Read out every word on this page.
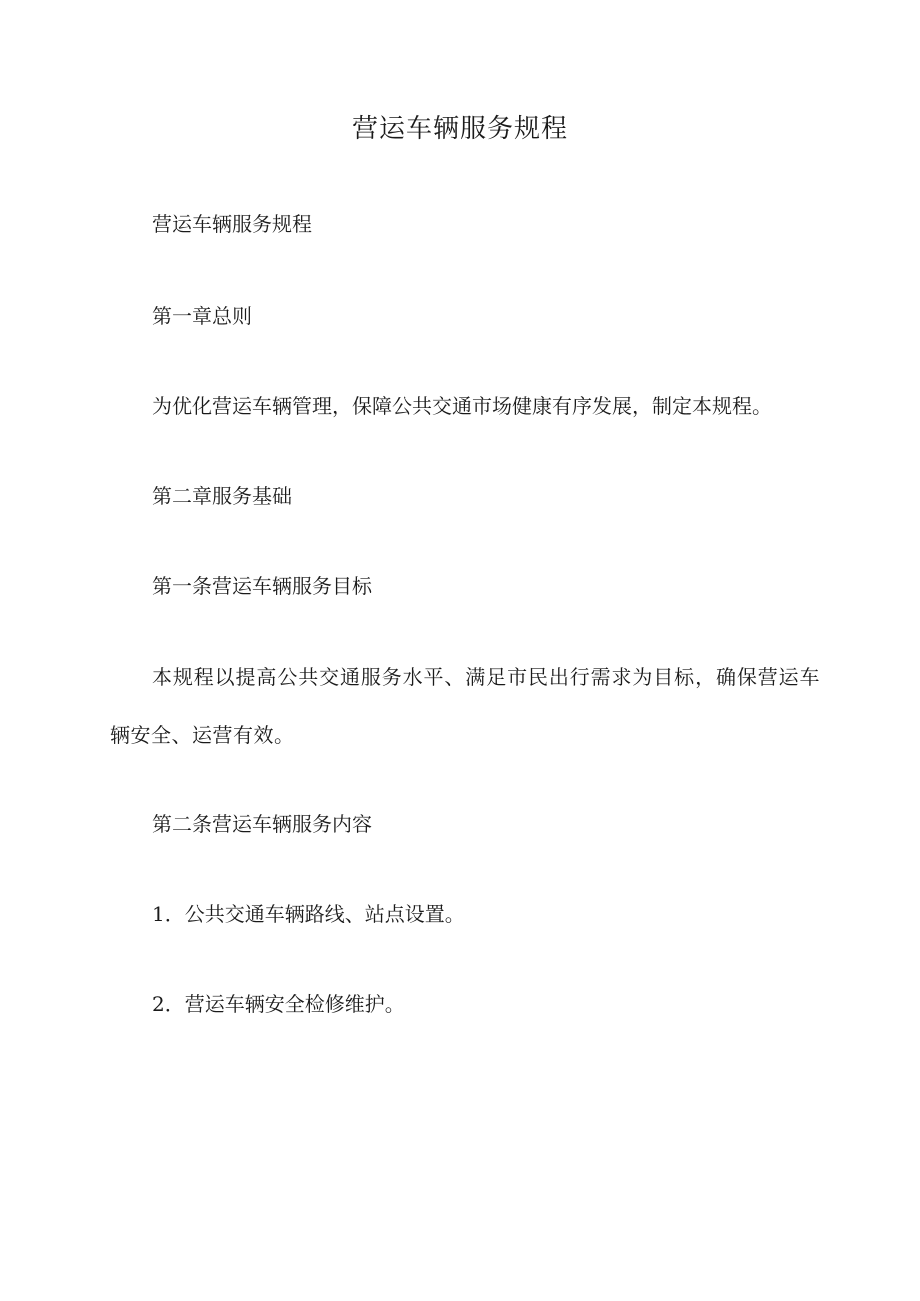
营运车辆服务规程

营运车辆服务规程

第一章总则

为优化营运车辆管理，保障公共交通市场健康有序发展，制定本规程。

第二章服务基础

第一条营运车辆服务目标

本规程以提高公共交通服务水平、满足市民出行需求为目标，确保营运车辆安全、运营有效。

第二条营运车辆服务内容

1．公共交通车辆路线、站点设置。

2．营运车辆安全检修维护。
